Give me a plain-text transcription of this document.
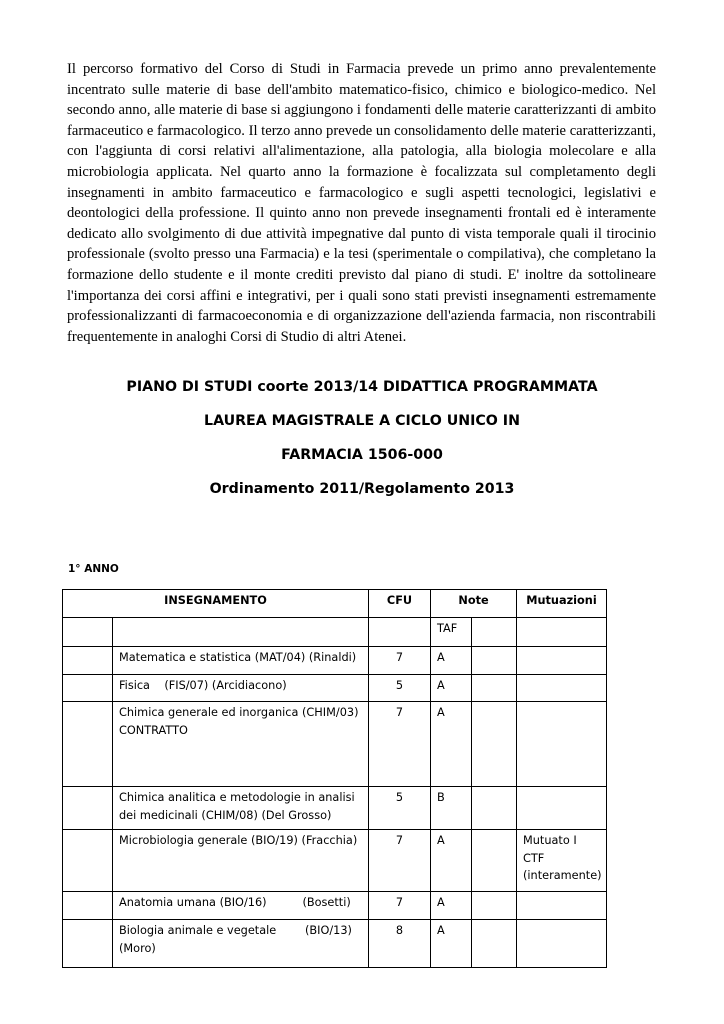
Il percorso formativo del Corso di Studi in Farmacia prevede un primo anno prevalentemente incentrato sulle materie di base dell'ambito matematico-fisico, chimico e biologico-medico. Nel secondo anno, alle materie di base si aggiungono i fondamenti delle materie caratterizzanti di ambito farmaceutico e farmacologico. Il terzo anno prevede un consolidamento delle materie caratterizzanti, con l'aggiunta di corsi relativi all'alimentazione, alla patologia, alla biologia molecolare e alla microbiologia applicata. Nel quarto anno la formazione è focalizzata sul completamento degli insegnamenti in ambito farmaceutico e farmacologico e sugli aspetti tecnologici, legislativi e deontologici della professione. Il quinto anno non prevede insegnamenti frontali ed è interamente dedicato allo svolgimento di due attività impegnative dal punto di vista temporale quali il tirocinio professionale (svolto presso una Farmacia) e la tesi (sperimentale o compilativa), che completano la formazione dello studente e il monte crediti previsto dal piano di studi. E' inoltre da sottolineare l'importanza dei corsi affini e integrativi, per i quali sono stati previsti insegnamenti estremamente professionalizzanti di farmacoeconomia e di organizzazione dell'azienda farmacia, non riscontrabili frequentemente in analoghi Corsi di Studio di altri Atenei.

PIANO DI STUDI coorte 2013/14 DIDATTICA PROGRAMMATA
LAUREA MAGISTRALE A CICLO UNICO IN
FARMACIA 1506-000
Ordinamento 2011/Regolamento 2013
1° ANNO
INSEGNAMENTO		CFU	Note		Mutuazioni
			TAF		
	Matematica e statistica (MAT/04) (Rinaldi)	7	A		
	Fisica    (FIS/07) (Arcidiacono)	5	A		
	Chimica generale ed inorganica (CHIM/03) CONTRATTO	7	A		
	Chimica analitica e metodologie in analisi dei medicinali (CHIM/08) (Del Grosso)	5	B		
	Microbiologia generale (BIO/19) (Fracchia)	7	A		Mutuato I CTF (interamente)
	Anatomia umana (BIO/16)          (Bosetti)	7	A		
	Biologia animale e vegetale        (BIO/13) (Moro)	8	A		
